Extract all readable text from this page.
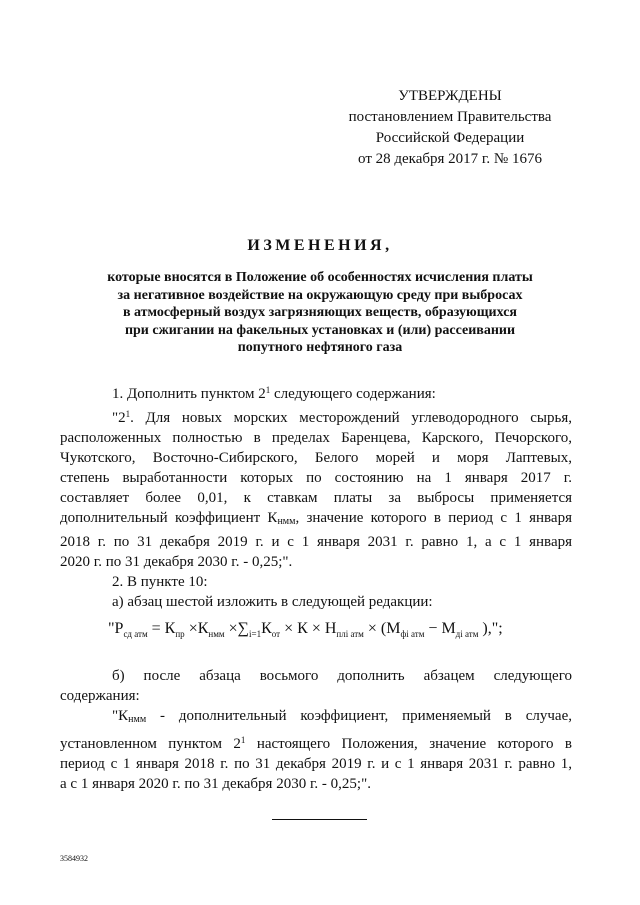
УТВЕРЖДЕНЫ
постановлением Правительства
Российской Федерации
от 28 декабря 2017 г. № 1676
ИЗМЕНЕНИЯ,
которые вносятся в Положение об особенностях исчисления платы
за негативное воздействие на окружающую среду при выбросах
в атмосферный воздух загрязняющих веществ, образующихся
при сжигании на факельных установках и (или) рассеивании
попутного нефтяного газа

1. Дополнить пунктом $2^1$ следующего содержания:

"$2^1$. Для новых морских месторождений углеводородного сырья,

расположенных полностью в пределах Баренцева, Карского, Печорского,

Чукотского, Восточно-Сибирского, Белого морей и моря Лаптевых,

степень выработанности которых по состоянию на 1 января 2017 г.

составляет более 0,01, к ставкам платы за выбросы применяется

дополнительный коэффициент Кнмм, значение которого в период с 1 января

2018 г. по 31 декабря 2019 г. и с 1 января 2031 г. равно 1, а с 1 января

2020 г. по 31 декабря 2030 г. - 0,25;".

2. В пункте 10:

а) абзац шестой изложить в следующей редакции:

"$Р_{сд атм} = К_{пр} \times К_{нмм} \times\sum_{i=1}К_{от} \times К \times Н_{плi атм} \times (М_{фi атм} - М_{дi атм}$ ),";

б) после абзаца восьмого дополнить абзацем следующего

содержания:

"Кнмм - дополнительный коэффициент, применяемый в случае,

установленном пунктом $2^1$ настоящего Положения, значение которого в

период с 1 января 2018 г. по 31 декабря 2019 г. и с 1 января 2031 г. равно 1,

а с 1 января 2020 г. по 31 декабря 2030 г. - 0,25;".

3584932
